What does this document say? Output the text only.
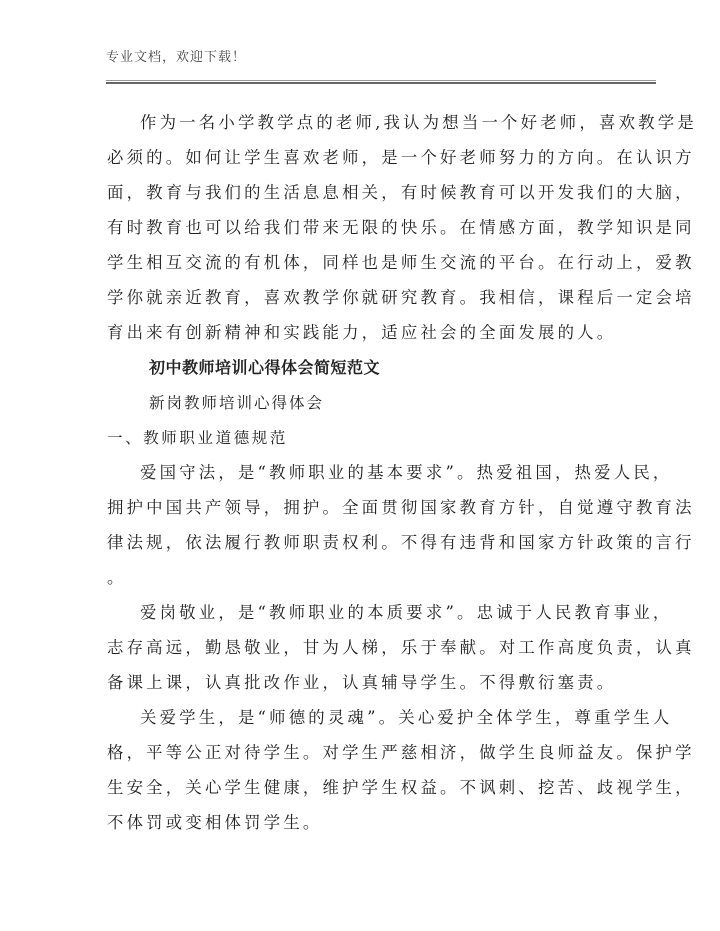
专业文档，欢迎下载！
作为一名小学教学点的老师,我认为想当一个好老师，喜欢教学是
必须的。如何让学生喜欢老师，是一个好老师努力的方向。在认识方
面，教育与我们的生活息息相关，有时候教育可以开发我们的大脑，
有时教育也可以给我们带来无限的快乐。在情感方面，教学知识是同
学生相互交流的有机体，同样也是师生交流的平台。在行动上，爱教
学你就亲近教育，喜欢教学你就研究教育。我相信，课程后一定会培
育出来有创新精神和实践能力，适应社会的全面发展的人。
初中教师培训心得体会简短范文
新岗教师培训心得体会
一、教师职业道德规范
爱国守法，是“教师职业的基本要求”。热爱祖国，热爱人民，
拥护中国共产领导，拥护。全面贯彻国家教育方针，自觉遵守教育法
律法规，依法履行教师职责权利。不得有违背和国家方针政策的言行
。
爱岗敬业，是“教师职业的本质要求”。忠诚于人民教育事业，
志存高远，勤恳敬业，甘为人梯，乐于奉献。对工作高度负责，认真
备课上课，认真批改作业，认真辅导学生。不得敷衍塞责。
关爱学生，是“师德的灵魂”。关心爱护全体学生，尊重学生人
格，平等公正对待学生。对学生严慈相济，做学生良师益友。保护学
生安全，关心学生健康，维护学生权益。不讽刺、挖苦、歧视学生，
不体罚或变相体罚学生。
